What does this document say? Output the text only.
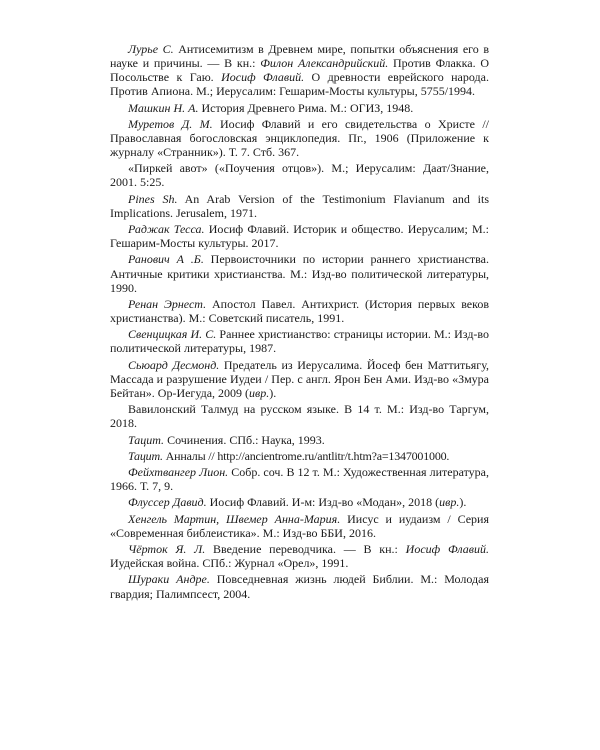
Лурье С. Антисемитизм в Древнем мире, попытки объяснения его в науке и причины. — В кн.: Филон Александрийский. Против Флакка. О Посольстве к Гаю. Иосиф Флавий. О древности еврейского народа. Против Апиона. М.; Иерусалим: Гешарим-Мосты культуры, 5755/1994.

Машкин Н. А. История Древнего Рима. М.: ОГИЗ, 1948.

Муретов Д. М. Иосиф Флавий и его свидетельства о Христе // Православная богословская энциклопедия. Пг., 1906 (Приложение к журналу «Странник»). Т. 7. Стб. 367.

«Пиркей авот» («Поучения отцов»). М.; Иерусалим: Даат/Знание, 2001. 5:25.

Pines Sh. An Arab Version of the Testimonium Flavianum and its Implications. Jerusalem, 1971.

Раджак Тесса. Иосиф Флавий. Историк и общество. Иерусалим; М.: Гешарим-Мосты культуры. 2017.

Ранович А .Б. Первоисточники по истории раннего христианства. Античные критики христианства. М.: Изд-во политической литературы, 1990.

Ренан Эрнест. Апостол Павел. Антихрист. (История первых веков христианства). М.: Советский писатель, 1991.

Свенцицкая И. С. Раннее христианство: страницы истории. М.: Изд-во политической литературы, 1987.

Сьюард Десмонд. Предатель из Иерусалима. Йосеф бен Маттитьягу, Массада и разрушение Иудеи / Пер. с англ. Ярон Бен Ами. Изд-во «Змура Бейтан». Ор-Иегуда, 2009 (ивр.).

Вавилонский Талмуд на русском языке. В 14 т. М.: Изд-во Таргум, 2018.

Тацит. Сочинения. СПб.: Наука, 1993.

Тацит. Анналы // http://ancientrome.ru/antlitr/t.htm?a=1347001000.

Фейхтвангер Лион. Собр. соч. В 12 т. М.: Художественная литература, 1966. Т. 7, 9.

Флуссер Давид. Иосиф Флавий. И-м: Изд-во «Модан», 2018 (ивр.).

Хенгель Мартин, Швемер Анна-Мария. Иисус и иудаизм / Серия «Современная библеистика». М.: Изд-во ББИ, 2016.

Чёрток Я. Л. Введение переводчика. — В кн.: Иосиф Флавий. Иудейская война. СПб.: Журнал «Орел», 1991.

Шураки Андре. Повседневная жизнь людей Библии. М.: Молодая гвардия; Палимпсест, 2004.
